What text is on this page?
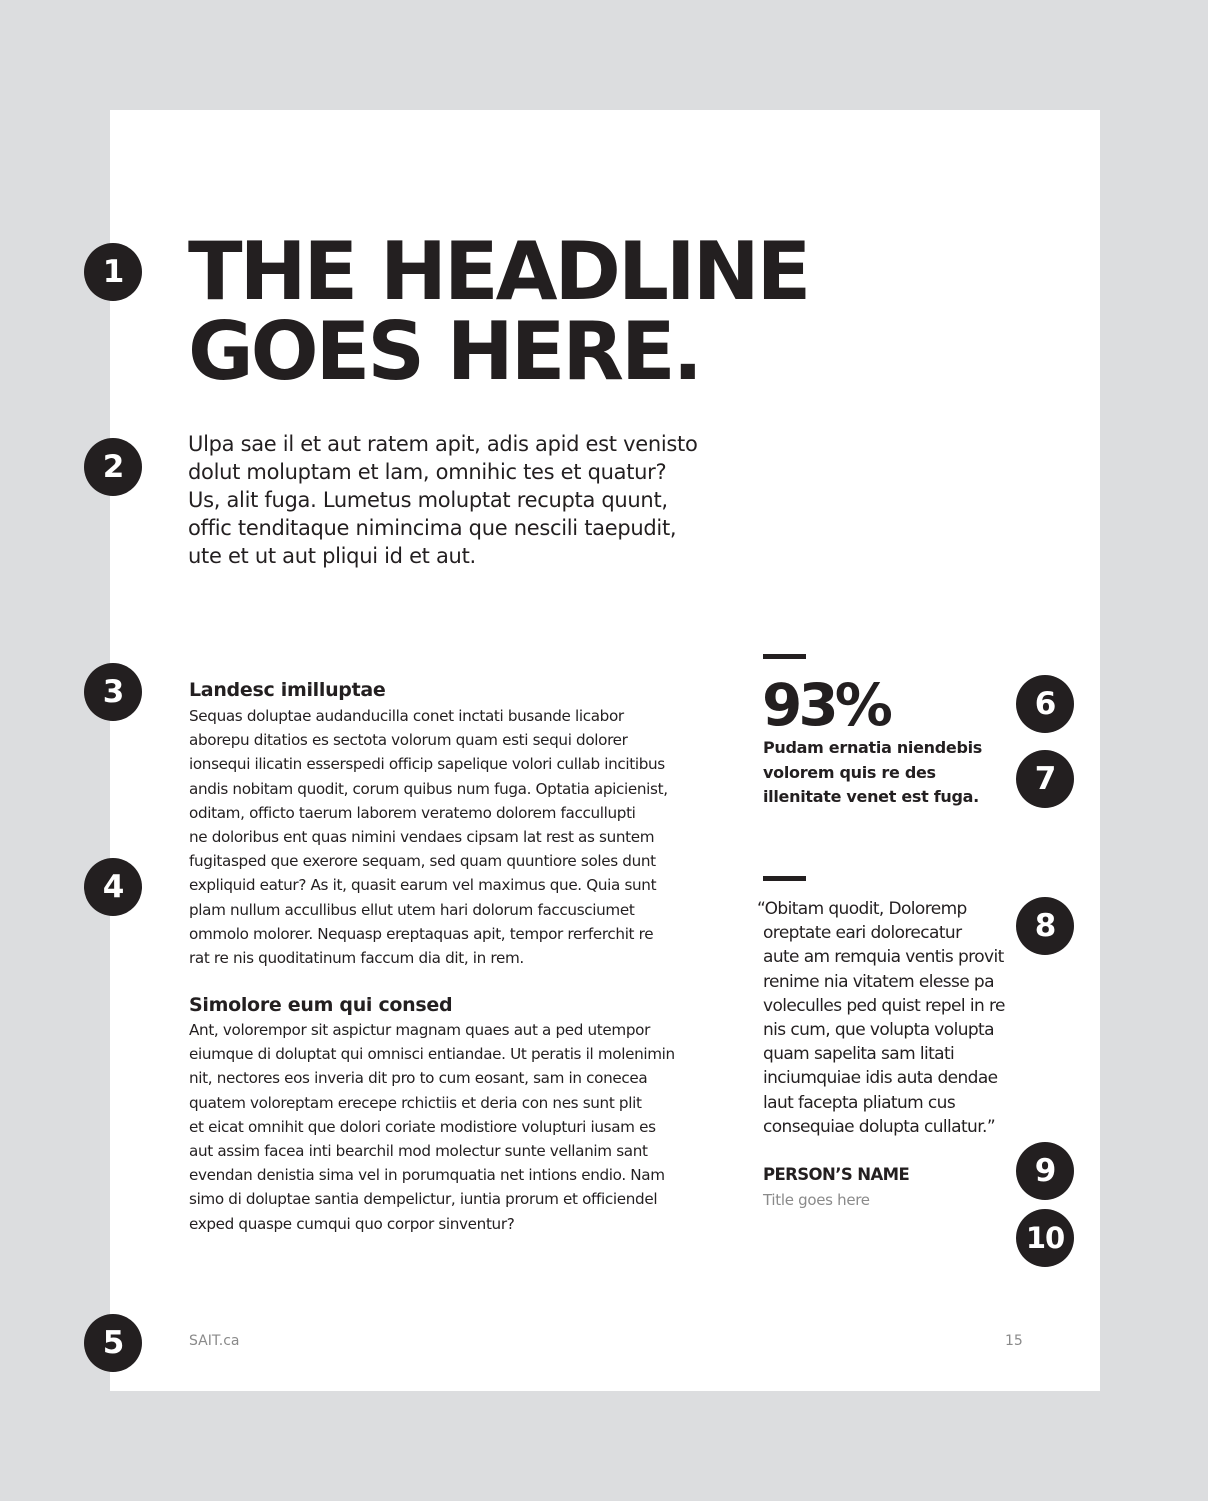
1
2
3
4
5
6
7
8
9
10
THE HEADLINE
GOES HERE.

Ulpa sae il et aut ratem apit, adis apid est venisto
dolut moluptam et lam, omnihic tes et quatur?
Us, alit fuga. Lumetus moluptat recupta quunt,
offic tenditaque nimincima que nescili taepudit,
ute et ut aut pliqui id et aut.

Landesc imilluptae

Sequas doluptae audanducilla conet inctati busande licabor
aborepu ditatios es sectota volorum quam esti sequi dolorer
ionsequi ilicatin esserspedi officip sapelique volori cullab incitibus
andis nobitam quodit, corum quibus num fuga. Optatia apicienist,
oditam, officto taerum laborem veratemo dolorem faccullupti
ne doloribus ent quas nimini vendaes cipsam lat rest as suntem
fugitasped que exerore sequam, sed quam quuntiore soles dunt
expliquid eatur? As it, quasit earum vel maximus que. Quia sunt
plam nullum accullibus ellut utem hari dolorum faccusciumet
ommolo molorer. Nequasp ereptaquas apit, tempor rerferchit re
rat re nis quoditatinum faccum dia dit, in rem.

Simolore eum qui consed

Ant, volorempor sit aspictur magnam quaes aut a ped utempor
eiumque di doluptat qui omnisci entiandae. Ut peratis il molenimin
nit, nectores eos inveria dit pro to cum eosant, sam in conecea
quatem voloreptam erecepe rchictiis et deria con nes sunt plit
et eicat omnihit que dolori coriate modistiore volupturi iusam es
aut assim facea inti bearchil mod molectur sunte vellanim sant
evendan denistia sima vel in porumquatia net intions endio. Nam
simo di doluptae santia dempelictur, iuntia prorum et officiendel
exped quaspe cumqui quo corpor sinventur?

93%

Pudam ernatia niendebis
volorem quis re des
illenitate venet est fuga.

“Obitam quodit, Doloremp
oreptate eari dolorecatur
aute am remquia ventis provit
renime nia vitatem elesse pa
voleculles ped quist repel in re
nis cum, que volupta volupta
quam sapelita sam litati
inciumquiae idis auta dendae
laut facepta pliatum cus
consequiae dolupta cullatur.”

PERSON’S NAME

Title goes here

SAIT.ca	15
